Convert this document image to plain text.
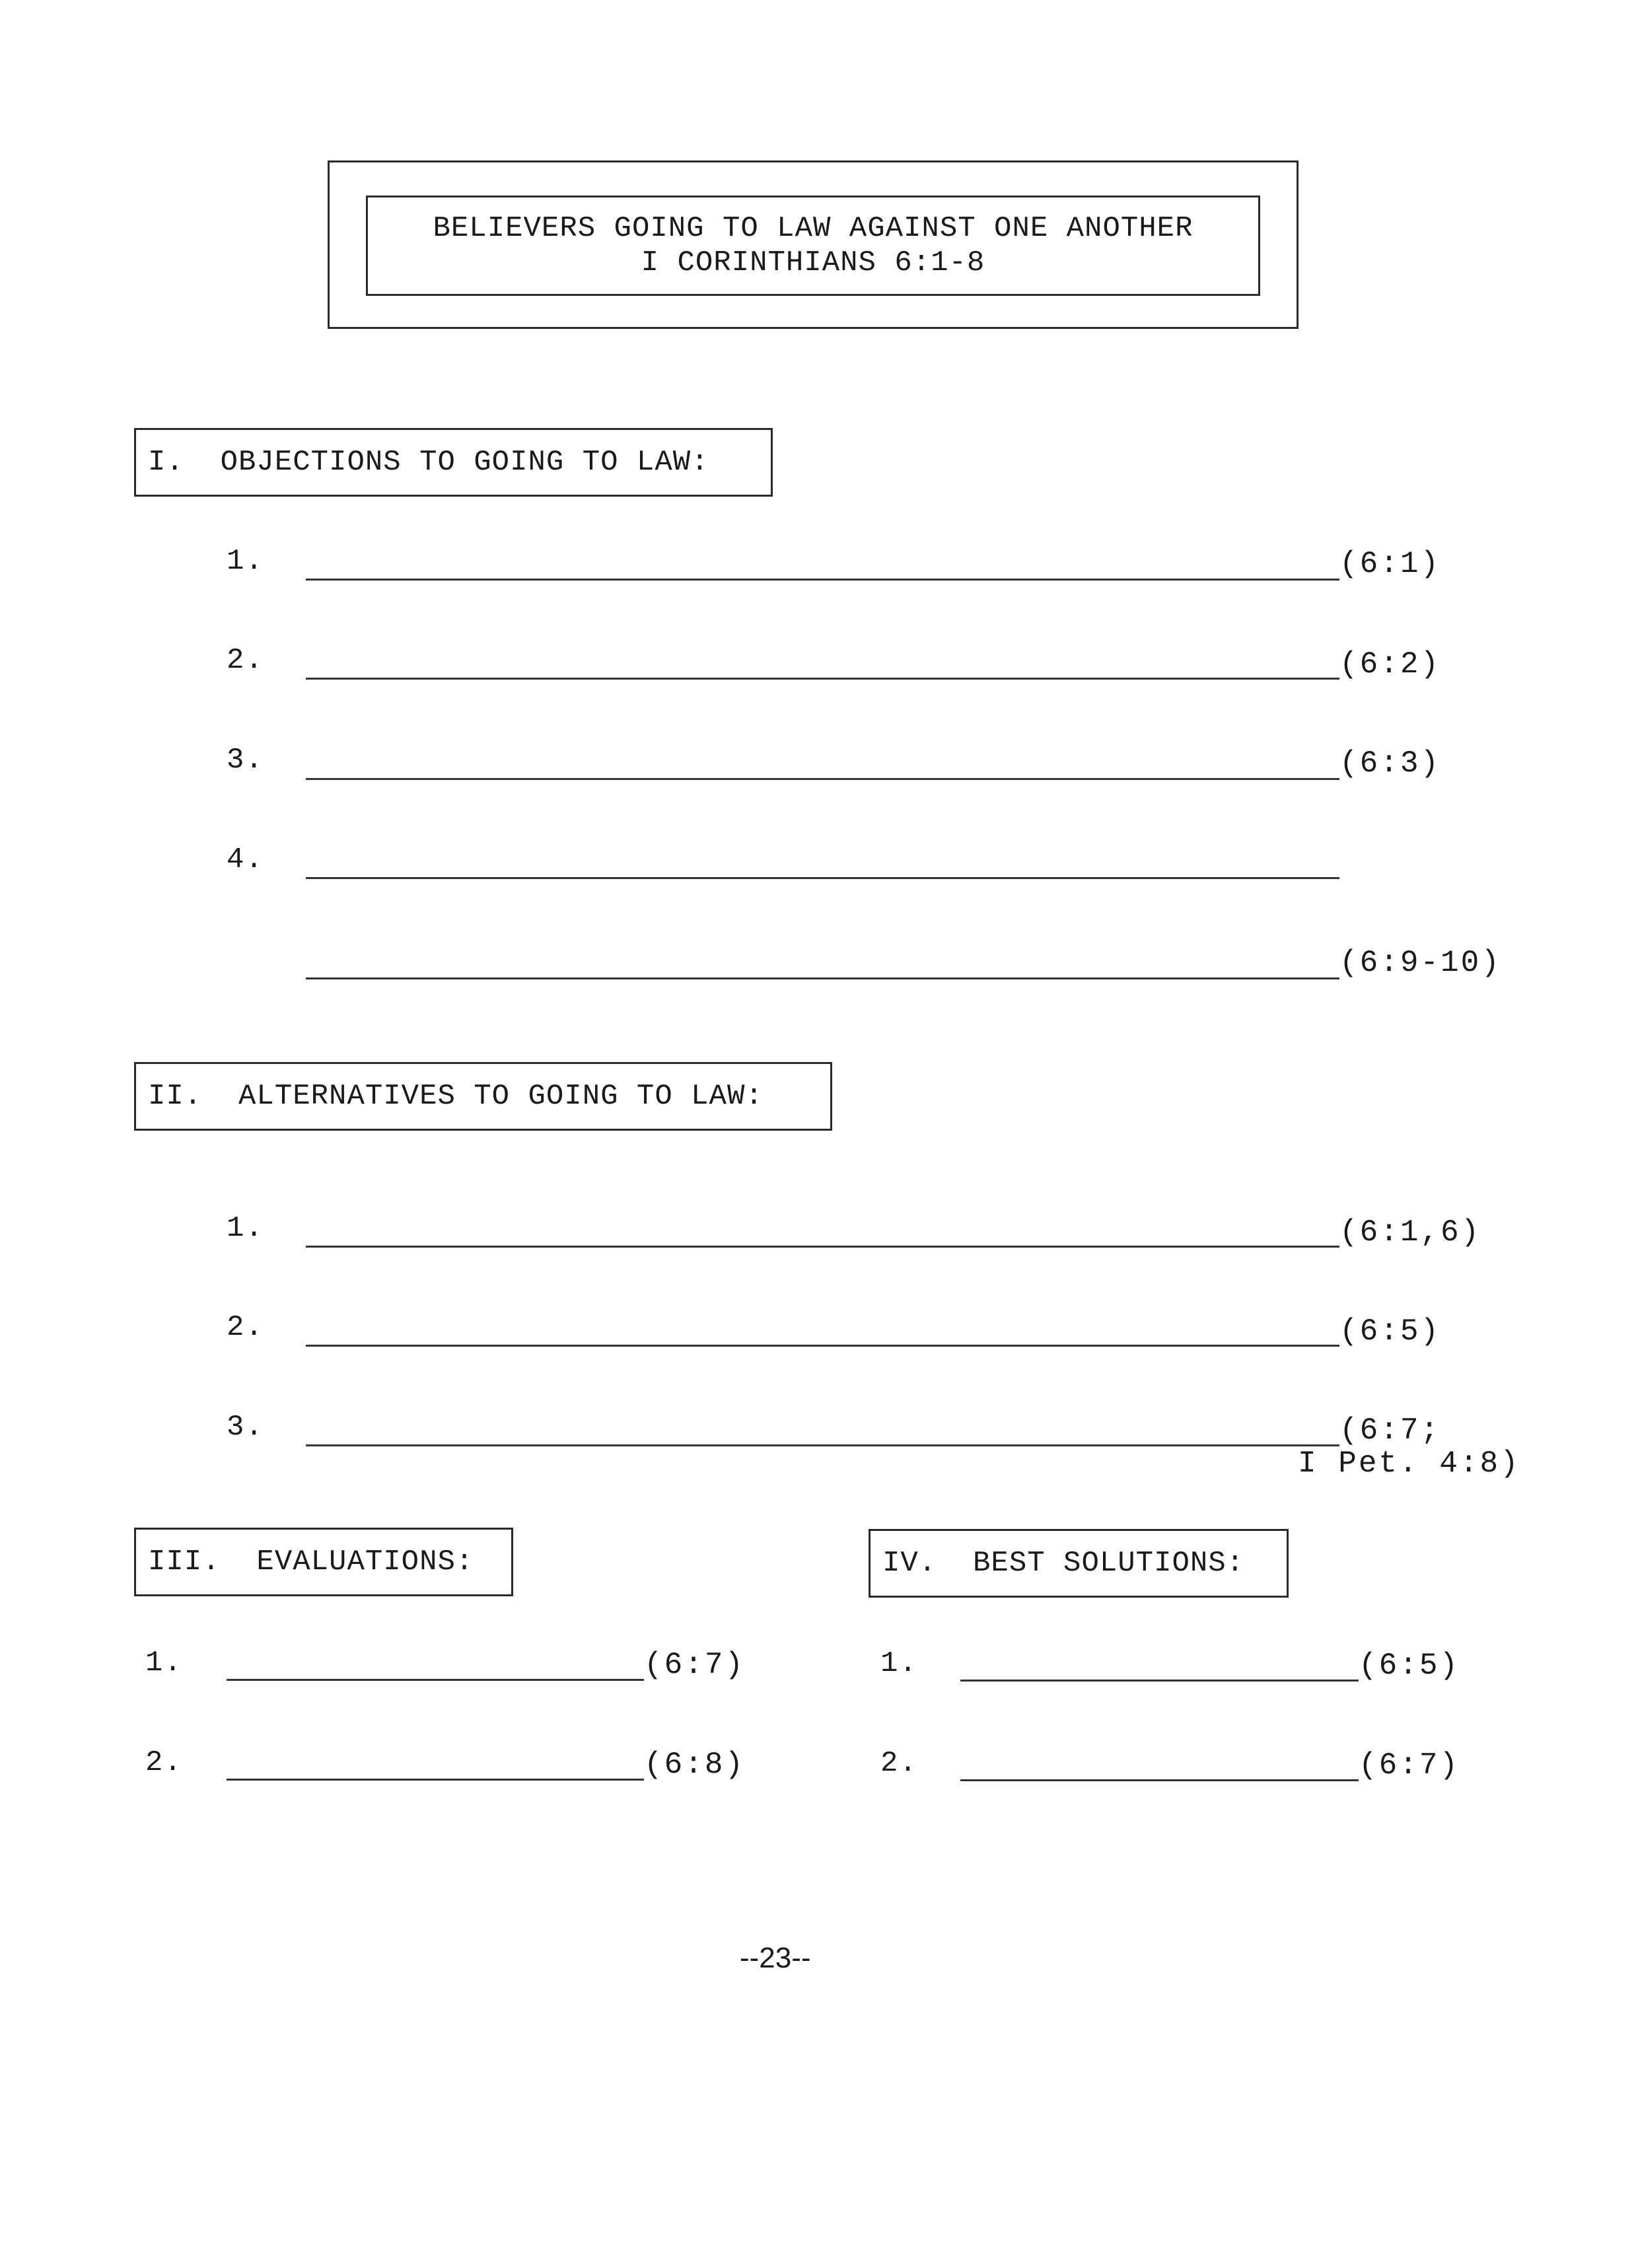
BELIEVERS GOING TO LAW AGAINST ONE ANOTHER
I CORINTHIANS 6:1-8
I.  OBJECTIONS TO GOING TO LAW:
1.	(6:1)
2.	(6:2)
3.	(6:3)
4.
(6:9-10)
II.  ALTERNATIVES TO GOING TO LAW:
1.	(6:1,6)
2.	(6:5)
3.	(6:7;
I Pet. 4:8)
III.  EVALUATIONS:
1.	(6:7)
2.	(6:8)
IV.  BEST SOLUTIONS:
1.	(6:5)
2.	(6:7)
--23--
